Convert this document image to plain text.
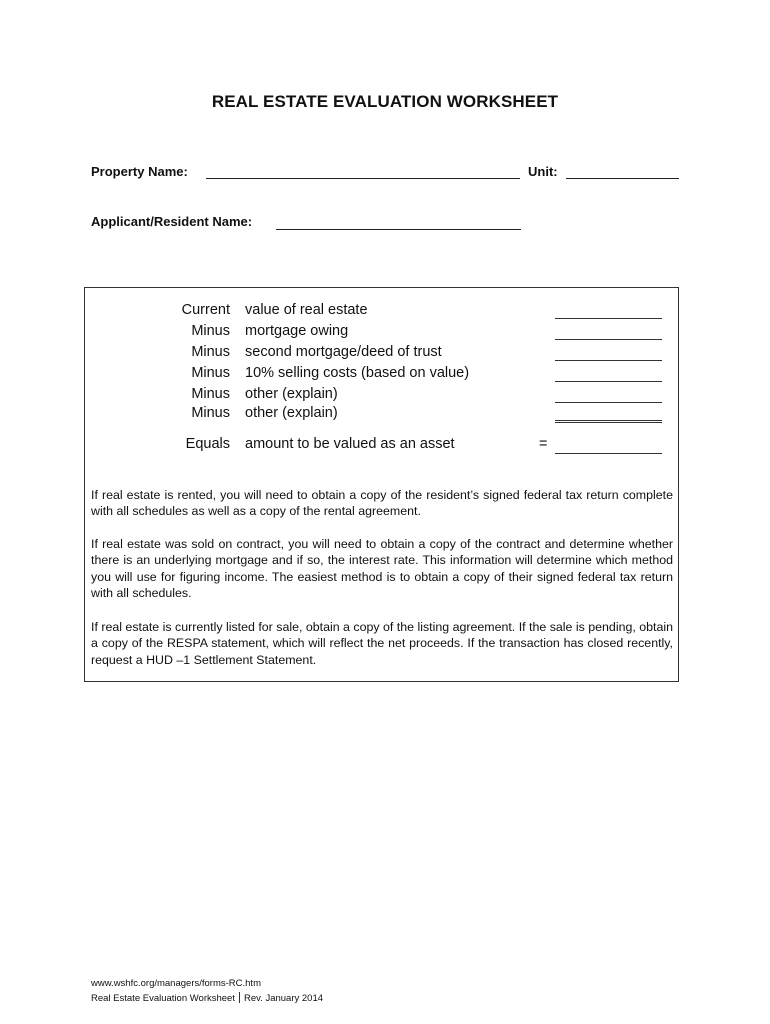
REAL ESTATE EVALUATION WORKSHEET
Property Name:	Unit:
Applicant/Resident Name:
Current value of real estate
Minus mortgage owing
Minus second mortgage/deed of trust
Minus 10% selling costs (based on value)
Minus other (explain)
Minus other (explain)
Equals amount to be valued as an asset	=
If real estate is rented, you will need to obtain a copy of the resident’s signed federal tax return complete with all schedules as well as a copy of the rental agreement.
If real estate was sold on contract, you will need to obtain a copy of the contract and determine whether there is an underlying mortgage and if so, the interest rate. This information will determine which method you will use for figuring income. The easiest method is to obtain a copy of their signed federal tax return with all schedules.
If real estate is currently listed for sale, obtain a copy of the listing agreement. If the sale is pending, obtain a copy of the RESPA statement, which will reflect the net proceeds. If the transaction has closed recently, request a HUD –1 Settlement Statement.
www.wshfc.org/managers/forms-RC.htm
Real Estate Evaluation Worksheet Rev. January 2014
